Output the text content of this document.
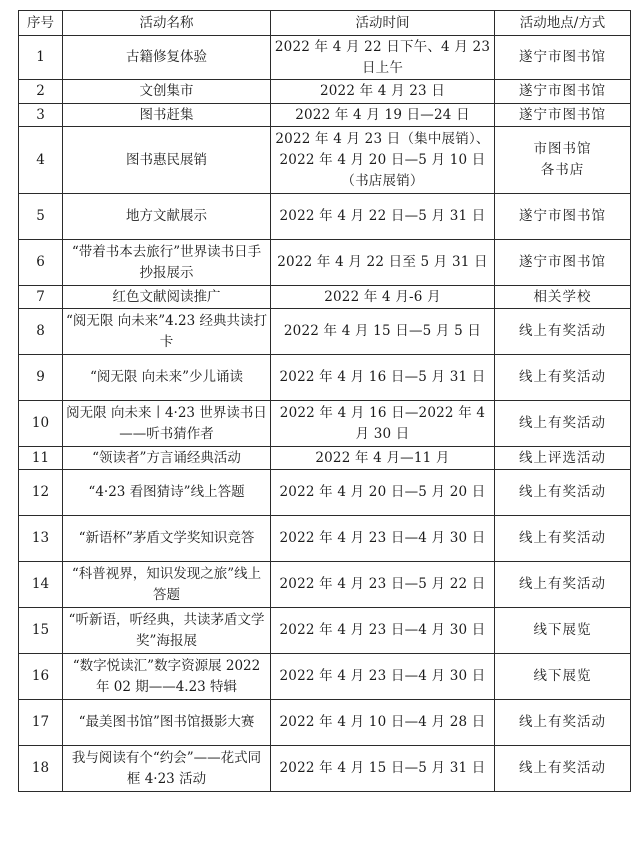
序号	活动名称	活动时间	活动地点/方式
1	古籍修复体验	2022 年 4 月 22 日下午、4 月 23 日上午	遂宁市图书馆
2	文创集市	2022 年 4 月 23 日	遂宁市图书馆
3	图书赶集	2022 年 4 月 19 日—24 日	遂宁市图书馆
4	图书惠民展销	2022 年 4 月 23 日（集中展销）、2022 年 4 月 20 日—5 月 10 日（书店展销）	市图书馆
各书店
5	地方文献展示	2022 年 4 月 22 日—5 月 31 日	遂宁市图书馆
6	“带着书本去旅行”世界读书日手抄报展示	2022 年 4 月 22 日至 5 月 31 日	遂宁市图书馆
7	红色文献阅读推广	2022 年 4 月-6 月	相关学校
8	“阅无限 向未来”4.23 经典共读打卡	2022 年 4 月 15 日—5 月 5 日	线上有奖活动
9	“阅无限 向未来”少儿诵读	2022 年 4 月 16 日—5 月 31 日	线上有奖活动
10	阅无限 向未来丨4·23 世界读书日——听书猜作者	2022 年 4 月 16 日—2022 年 4 月 30 日	线上有奖活动
11	“领读者”方言诵经典活动	2022 年 4 月—11 月	线上评选活动
12	“4·23 看图猜诗”线上答题	2022 年 4 月 20 日—5 月 20 日	线上有奖活动
13	“新语杯”茅盾文学奖知识竞答	2022 年 4 月 23 日—4 月 30 日	线上有奖活动
14	“科普视界，知识发现之旅”线上答题	2022 年 4 月 23 日—5 月 22 日	线上有奖活动
15	“听新语，听经典，共读茅盾文学奖”海报展	2022 年 4 月 23 日—4 月 30 日	线下展览
16	“数字悦读汇”数字资源展 2022 年 02 期——4.23 特辑	2022 年 4 月 23 日—4 月 30 日	线下展览
17	“最美图书馆”图书馆摄影大赛	2022 年 4 月 10 日—4 月 28 日	线上有奖活动
18	我与阅读有个“约会”——花式同框 4·23 活动	2022 年 4 月 15 日—5 月 31 日	线上有奖活动
